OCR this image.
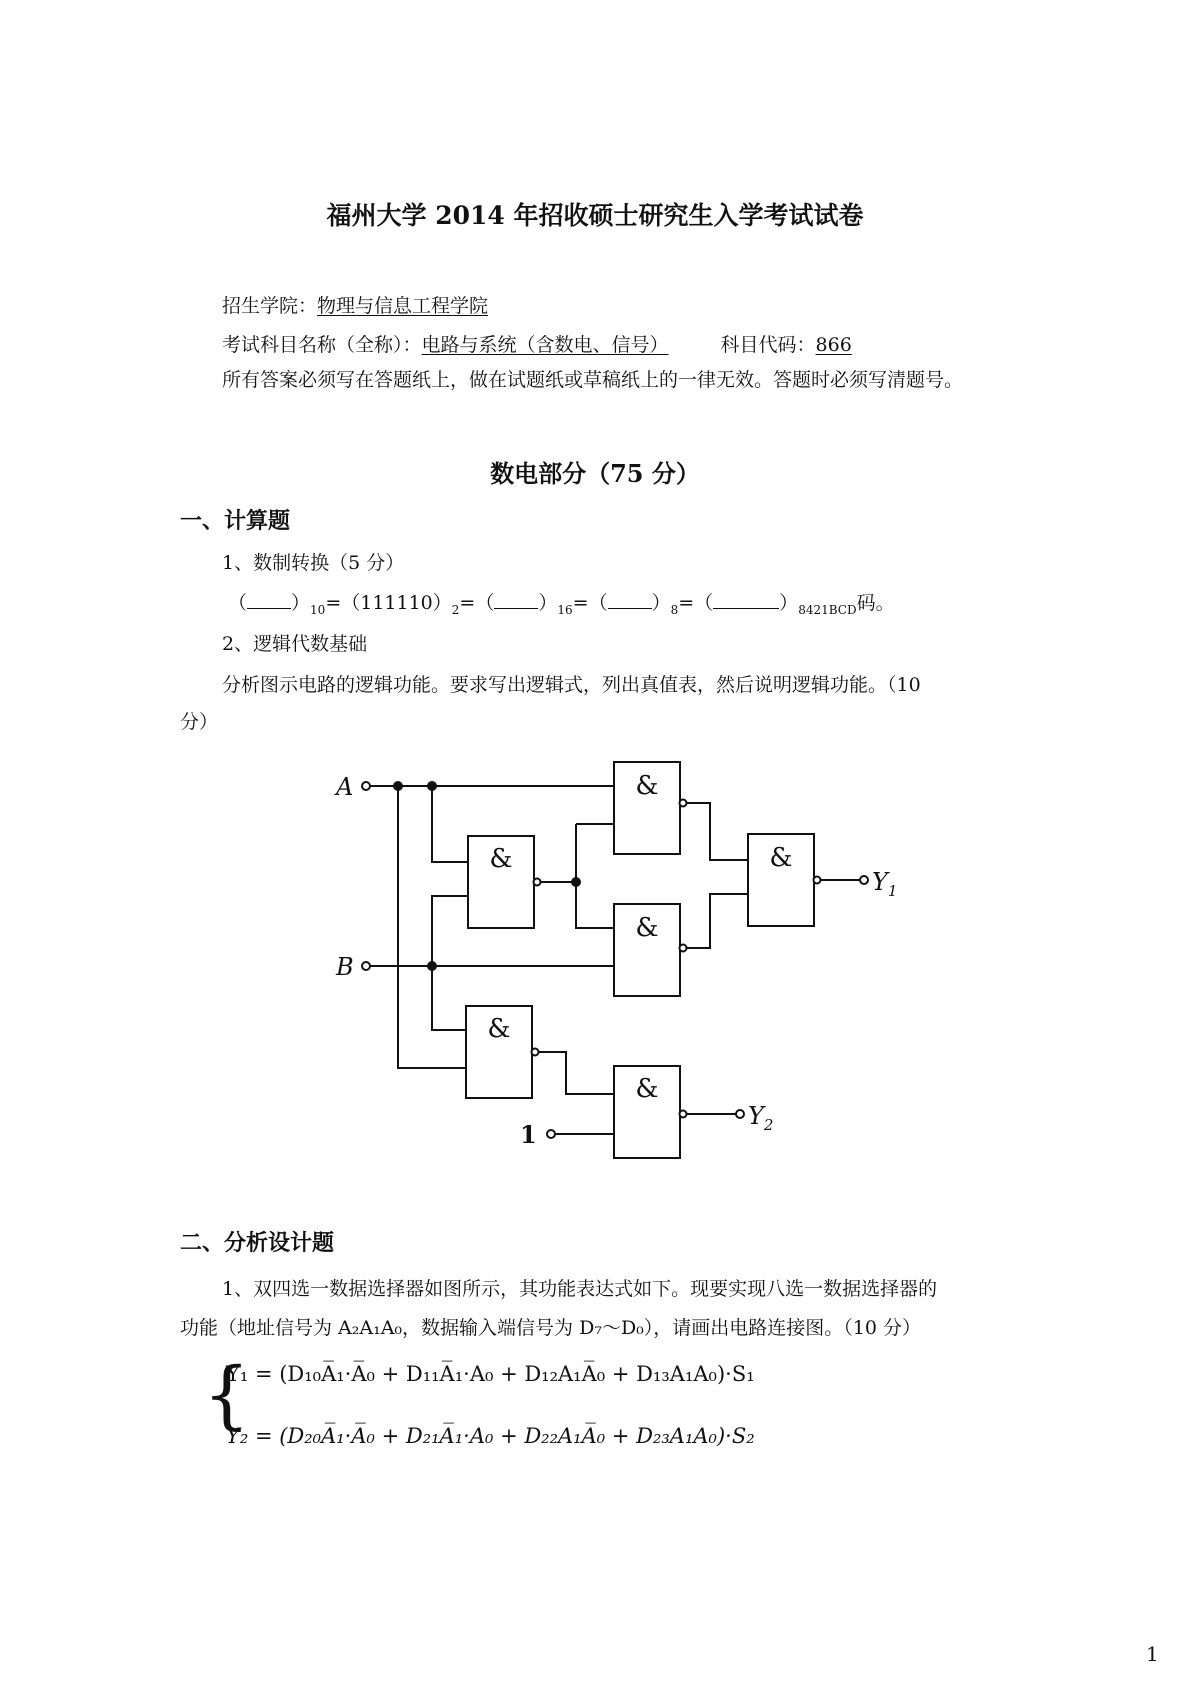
福州大学 2014 年招收硕士研究生入学考试试卷
招生学院：物理与信息工程学院
考试科目名称（全称）：电路与系统（含数电、信号）	科目代码：866
所有答案必须写在答题纸上，做在试题纸或草稿纸上的一律无效。答题时必须写清题号。
数电部分（75 分）
一、计算题
1、数制转换（5 分）
（ ）$_{10}=(111110)_2=$（ ）$_{16}=$（ ）$_8=$（	）$_{8421BCD}$码。
2、逻辑代数基础
分析图示电路的逻辑功能。要求写出逻辑式，列出真值表，然后说明逻辑功能。（10
分）
&
&
&
&
&
&
A
B
1
$Y_1$
$Y_2$
二、分析设计题
1、双四选一数据选择器如图所示，其功能表达式如下。现要实现八选一数据选择器的
功能（地址信号为 A₂A₁A₀，数据输入端信号为 D₇～D₀），请画出电路连接图。（10 分）
{
Y₁ = (D₁₀A̅₁·A̅₀ + D₁₁A̅₁·A₀ + D₁₂A₁A̅₀ + D₁₃A₁A₀)·S₁
Y₂ = (D₂₀A̅₁·A̅₀ + D₂₁A̅₁·A₀ + D₂₂A₁A̅₀ + D₂₃A₁A₀)·S₂
1
